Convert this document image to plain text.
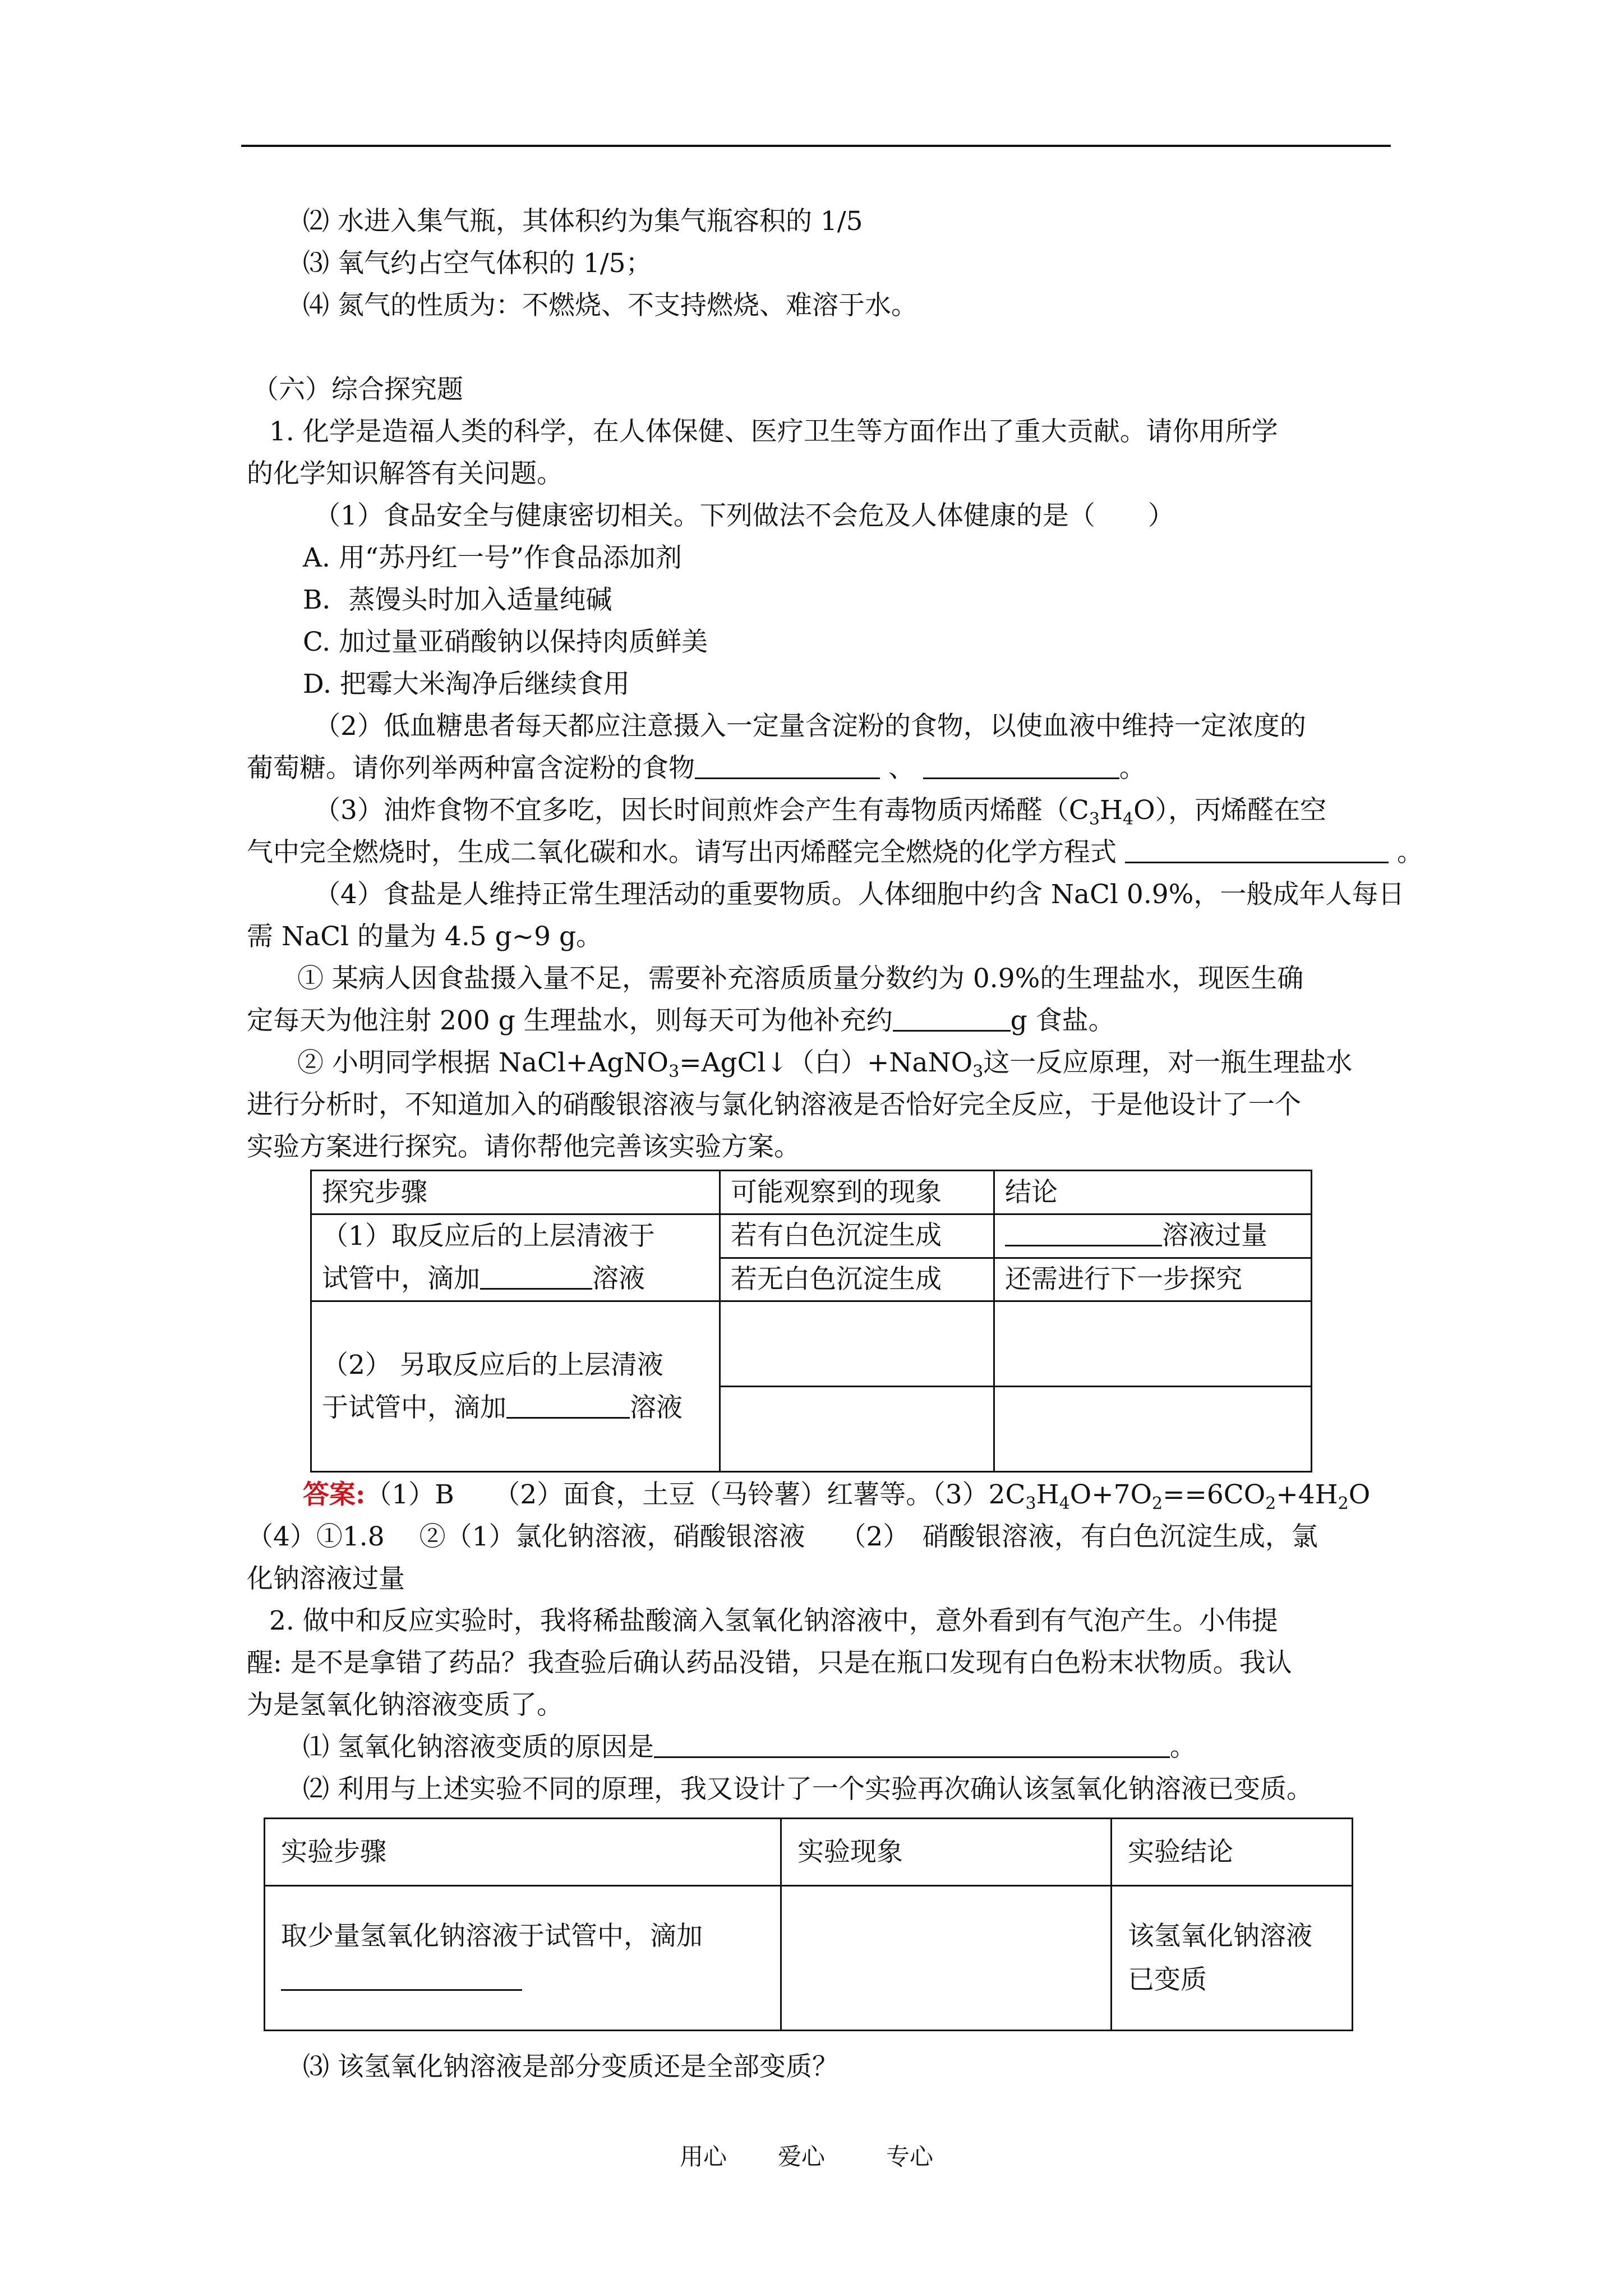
⑵ 水进入集气瓶，其体积约为集气瓶容积的 1/5
⑶ 氧气约占空气体积的 1/5；
⑷ 氮气的性质为：不燃烧、不支持燃烧、难溶于水。
（六）综合探究题
1. 化学是造福人类的科学，在人体保健、医疗卫生等方面作出了重大贡献。请你用所学
的化学知识解答有关问题。
（1）食品安全与健康密切相关。下列做法不会危及人体健康的是（　　）
A. 用“苏丹红一号”作食品添加剂
B．蒸馒头时加入适量纯碱
C. 加过量亚硝酸钠以保持肉质鲜美
D. 把霉大米淘净后继续食用
（2）低血糖患者每天都应注意摄入一定量含淀粉的食物，以使血液中维持一定浓度的
葡萄糖。请你列举两种富含淀粉的食物	、	。
（3）油炸食物不宜多吃，因长时间煎炸会产生有毒物质丙烯醛$(C_3H_4O)$，丙烯醛在空
气中完全燃烧时，生成二氧化碳和水。请写出丙烯醛完全燃烧的化学方程式	。
（4）食盐是人维持正常生理活动的重要物质。人体细胞中约含 NaCl 0.9%，一般成年人每日
需 NaCl 的量为 4.5 g~9 g。
① 某病人因食盐摄入量不足，需要补充溶质质量分数约为 0.9%的生理盐水，现医生确
定每天为他注射 200 g 生理盐水，则每天可为他补充约	g 食盐。
② 小明同学根据 NaCl+AgNO$_3$=AgCl↓（白）+NaNO$_3$这一反应原理，对一瓶生理盐水
进行分析时，不知道加入的硝酸银溶液与氯化钠溶液是否恰好完全反应，于是他设计了一个
实验方案进行探究。请你帮他完善该实验方案。
探究步骤	可能观察到的现象	结论

（1）取反应后的上层清液于
试管中，滴加 溶液	若有白色沉淀生成	溶液过量
	若无白色沉淀生成	还需进行下一步探究

（2） 另取反应后的上层清液
于试管中，滴加 溶液		

答案:（1）B　　（2）面食，土豆（马铃薯）红薯等。$(3)2C_3H_4O+7O_2==6CO_2+4H_2O$
（4）①1.8　 ②（1）氯化钠溶液，硝酸银溶液　 （2）　硝酸银溶液，有白色沉淀生成，氯
化钠溶液过量
2. 做中和反应实验时，我将稀盐酸滴入氢氧化钠溶液中，意外看到有气泡产生。小伟提
醒: 是不是拿错了药品？我查验后确认药品没错，只是在瓶口发现有白色粉末状物质。我认
为是氢氧化钠溶液变质了。
⑴ 氢氧化钠溶液变质的原因是	。
⑵ 利用与上述实验不同的原理，我又设计了一个实验再次确认该氢氧化钠溶液已变质。
实验步骤	实验现象	实验结论

取少量氢氧化钠溶液于试管中，滴加		该氢氧化钠溶液
已变质
⑶ 该氢氧化钠溶液是部分变质还是全部变质？
用心 爱心	专心
